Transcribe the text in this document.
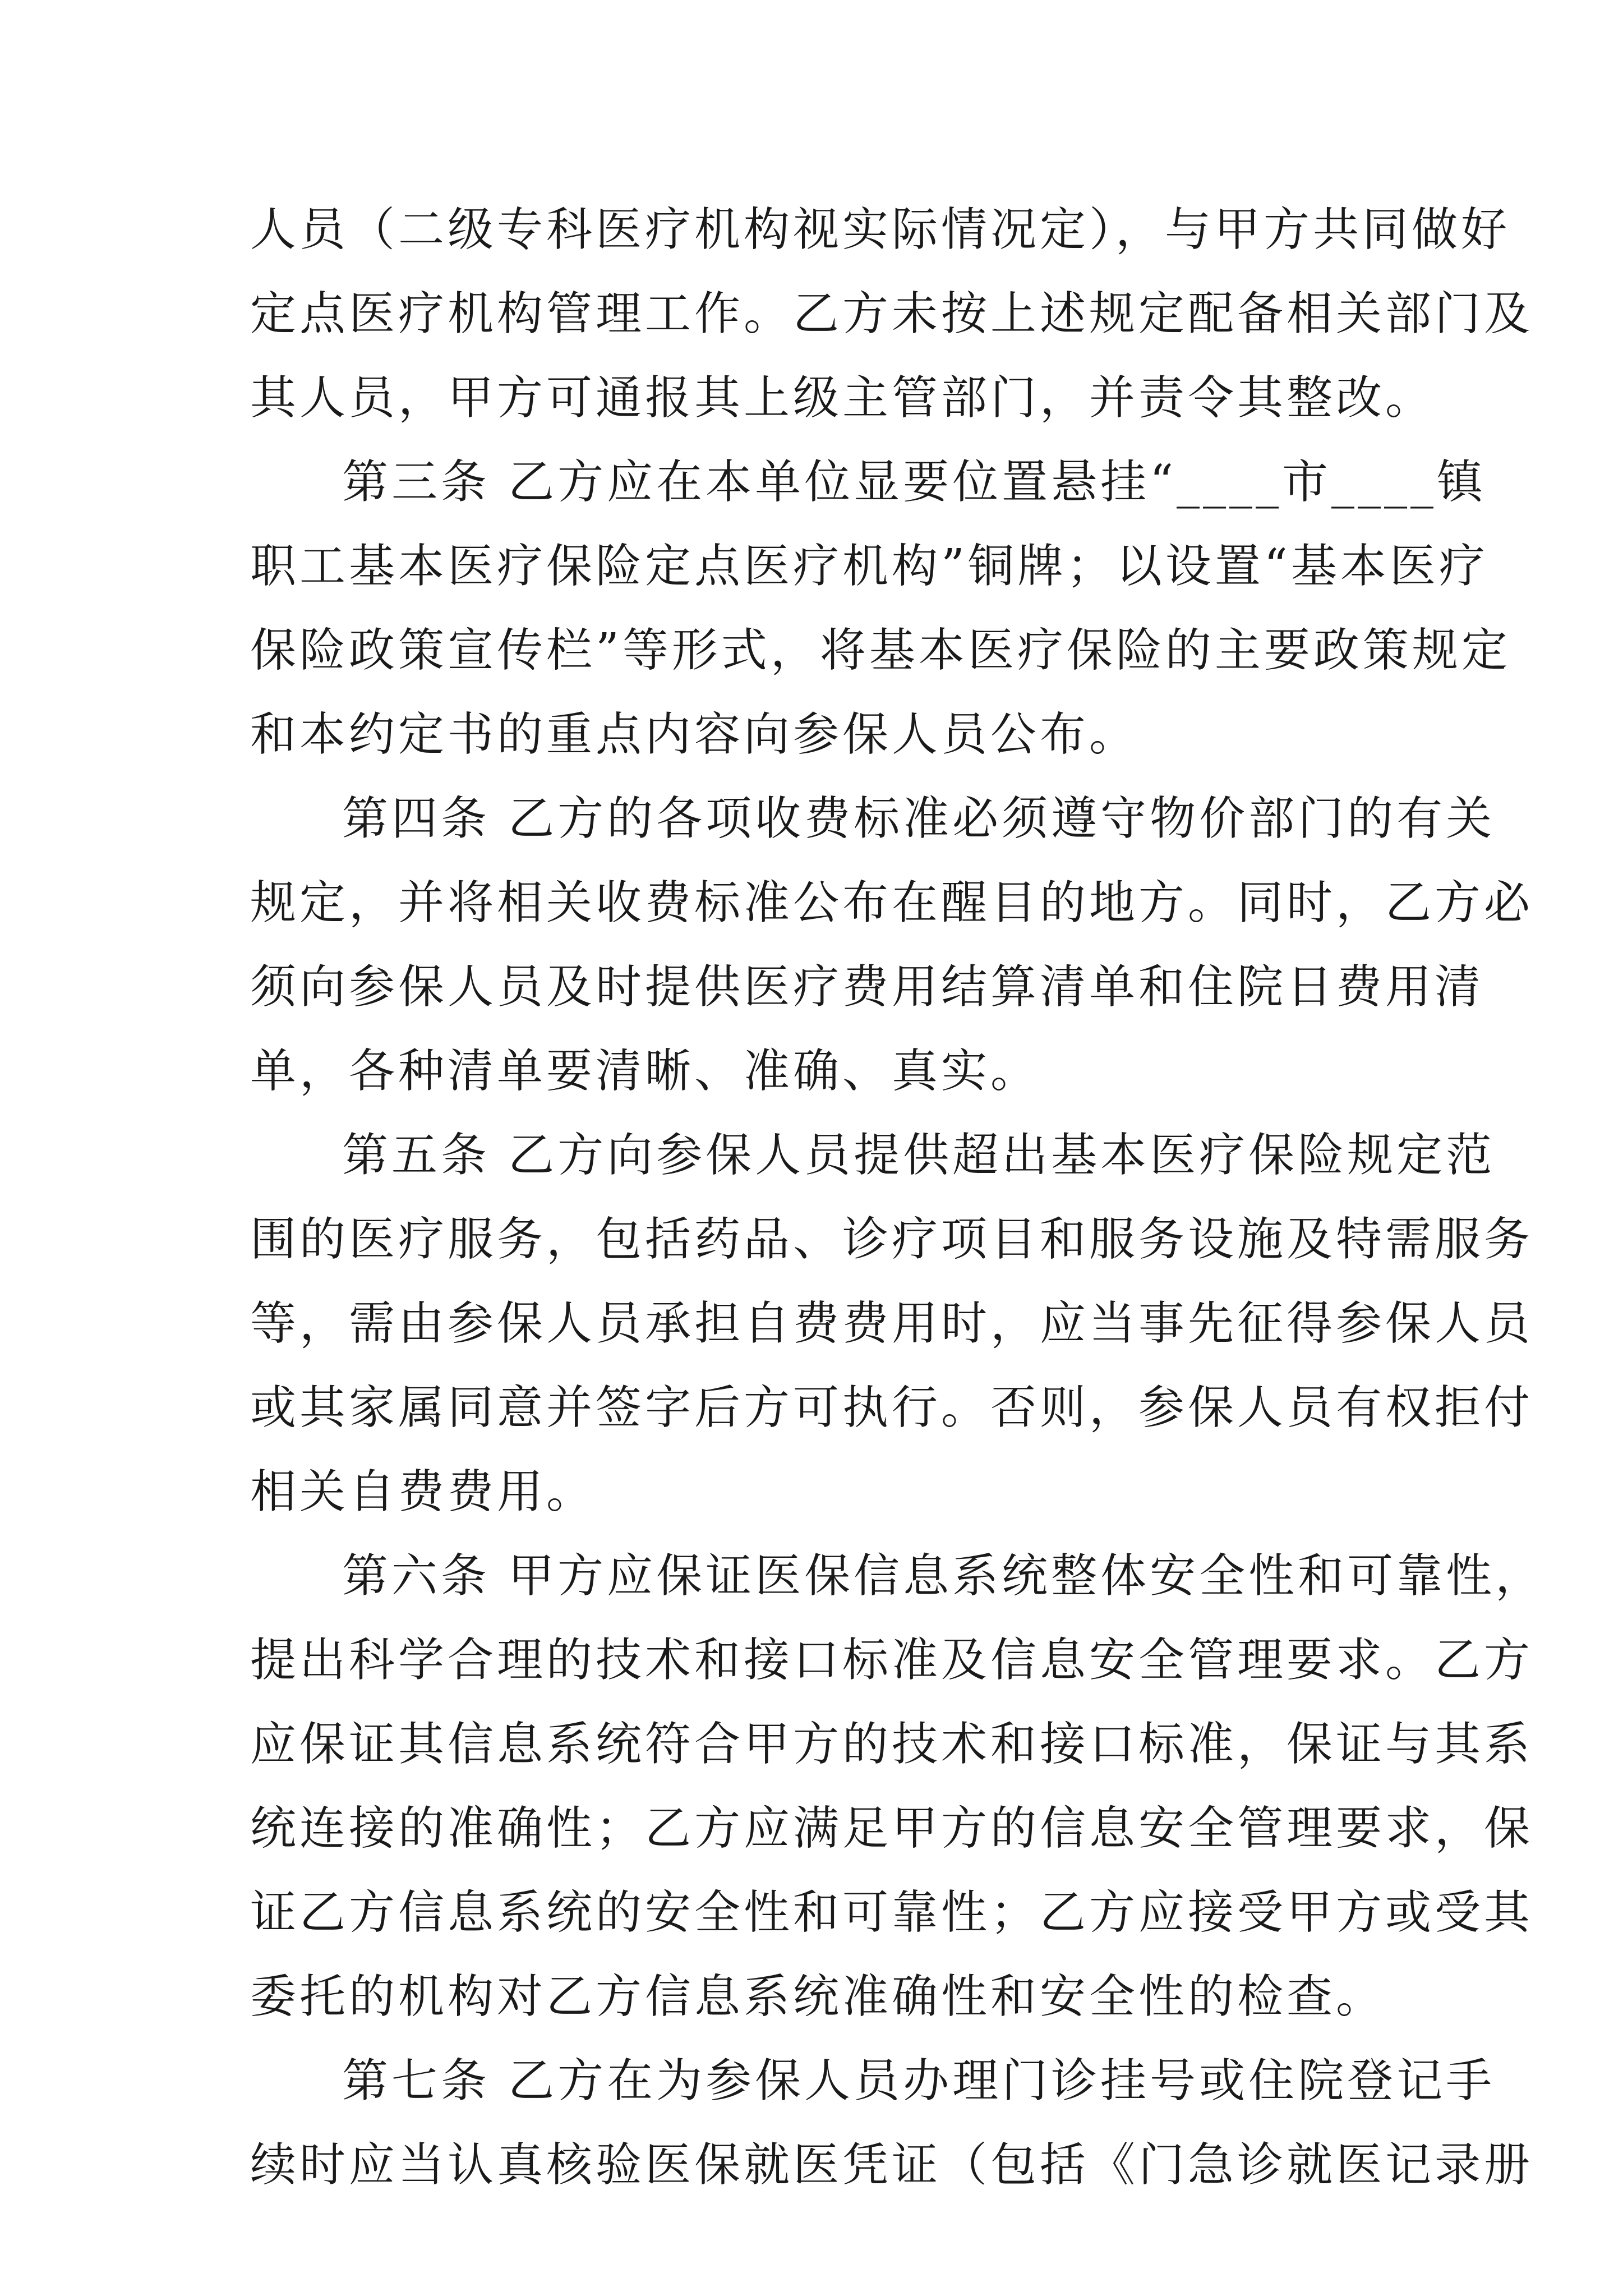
人员（二级专科医疗机构视实际情况定），与甲方共同做好
定点医疗机构管理工作。乙方未按上述规定配备相关部门及
其人员，甲方可通报其上级主管部门，并责令其整改。
第三条 乙方应在本单位显要位置悬挂“____市____镇
职工基本医疗保险定点医疗机构”铜牌；以设置“基本医疗
保险政策宣传栏”等形式，将基本医疗保险的主要政策规定
和本约定书的重点内容向参保人员公布。
第四条 乙方的各项收费标准必须遵守物价部门的有关
规定，并将相关收费标准公布在醒目的地方。同时，乙方必
须向参保人员及时提供医疗费用结算清单和住院日费用清
单，各种清单要清晰、准确、真实。
第五条 乙方向参保人员提供超出基本医疗保险规定范
围的医疗服务，包括药品、诊疗项目和服务设施及特需服务
等，需由参保人员承担自费费用时，应当事先征得参保人员
或其家属同意并签字后方可执行。否则，参保人员有权拒付
相关自费费用。
第六条 甲方应保证医保信息系统整体安全性和可靠性，
提出科学合理的技术和接口标准及信息安全管理要求。乙方
应保证其信息系统符合甲方的技术和接口标准，保证与其系
统连接的准确性；乙方应满足甲方的信息安全管理要求，保
证乙方信息系统的安全性和可靠性；乙方应接受甲方或受其
委托的机构对乙方信息系统准确性和安全性的检查。
第七条 乙方在为参保人员办理门诊挂号或住院登记手
续时应当认真核验医保就医凭证（包括《门急诊就医记录册
